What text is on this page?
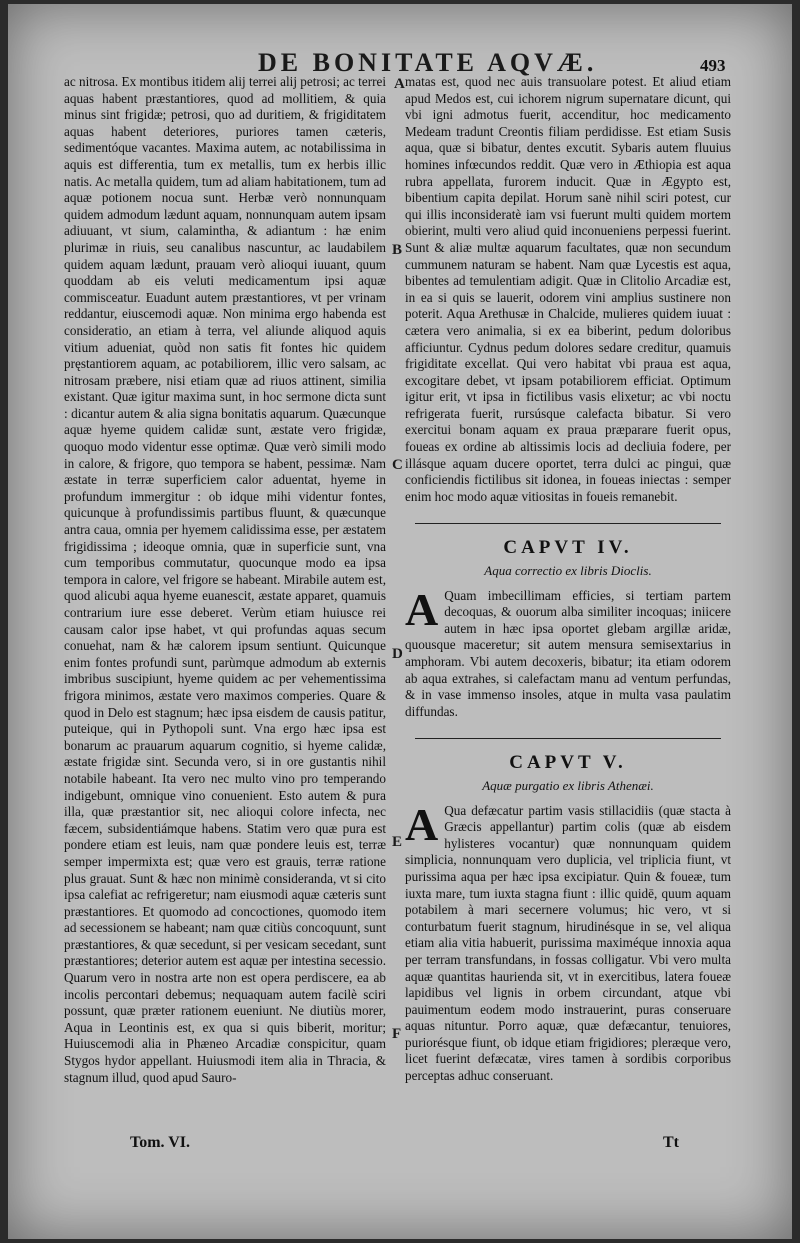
DE BONITATE AQVÆ.	493

ac nitrosa. Ex montibus itidem alij terrei alij petrosi; ac terrei aquas habent præstantiores, quod ad mollitiem, & quia minus sint frigidæ; petrosi, quo ad duritiem, & frigiditatem aquas habent deteriores, puriores tamen cæteris, sedimentóque vacantes. Maxima autem, ac notabilissima in aquis est differentia, tum ex metallis, tum ex herbis illic natis. Ac metalla quidem, tum ad aliam habitationem, tum ad aquæ potionem nocua sunt. Herbæ verò nonnunquam quidem admodum lædunt aquam, nonnunquam autem ipsam adiuuant, vt sium, calamintha, & adiantum : hæ enim plurimæ in riuis, seu canalibus nascuntur, ac laudabilem quidem aquam lædunt, prauam verò alioqui iuuant, quum quoddam ab eis veluti medicamentum ipsi aquæ commisceatur. Euadunt autem præstantiores, vt per vrinam reddantur, eiuscemodi aquæ. Non minima ergo habenda est consideratio, an etiam à terra, vel aliunde aliquod aquis vitium adueniat, quòd non satis fit fontes hic quidem pręstantiorem aquam, ac potabiliorem, illic vero salsam, ac nitrosam præbere, nisi etiam quæ ad riuos attinent, similia existant. Quæ igitur maxima sunt, in hoc sermone dicta sunt : dicantur autem & alia signa bonitatis aquarum. Quæcunque aquæ hyeme quidem calidæ sunt, æstate vero frigidæ, quoquo modo videntur esse optimæ. Quæ verò simili modo in calore, & frigore, quo tempora se habent, pessimæ. Nam æstate in terræ superficiem calor aduentat, hyeme in profundum immergitur : ob idque mihi videntur fontes, quicunque à profundissimis partibus fluunt, & quæcunque antra caua, omnia per hyemem calidissima esse, per æstatem frigidissima ; ideoque omnia, quæ in superficie sunt, vna cum temporibus commutatur, quocunque modo ea ipsa tempora in calore, vel frigore se habeant. Mirabile autem est, quod alicubi aqua hyeme euanescit, æstate apparet, quamuis contrarium iure esse deberet. Verùm etiam huiusce rei causam calor ipse habet, vt qui profundas aquas secum conuehat, nam & hæ calorem ipsum sentiunt. Quicunque enim fontes profundi sunt, parùmque admodum ab externis imbribus suscipiunt, hyeme quidem ac per vehementissima frigora minimos, æstate vero maximos comperies. Quare & quod in Delo est stagnum; hæc ipsa eisdem de causis patitur, puteique, qui in Pythopoli sunt. Vna ergo hæc ipsa est bonarum ac prauarum aquarum cognitio, si hyeme calidæ, æstate frigidæ sint. Secunda vero, si in ore gustantis nihil notabile habeant. Ita vero nec multo vino pro temperando indigebunt, omnique vino conuenient. Esto autem & pura illa, quæ præstantior sit, nec alioqui colore infecta, nec fæcem, subsidentiámque habens. Statim vero quæ pura est pondere etiam est leuis, nam quæ pondere leuis est, terræ semper impermixta est; quæ vero est grauis, terræ ratione plus grauat. Sunt & hæc non minimè consideranda, vt si cito ipsa calefiat ac refrigeretur; nam eiusmodi aquæ cæteris sunt præstantiores. Et quomodo ad concoctiones, quomodo item ad secessionem se habeant; nam quæ citiùs concoquunt, sunt præstantiores, & quæ secedunt, si per vesicam secedant, sunt præstantiores; deterior autem est aquæ per intestina secessio. Quarum vero in nostra arte non est opera perdiscere, ea ab incolis percontari debemus; nequaquam autem facilè sciri possunt, quæ præter rationem eueniunt. Ne diutiùs morer, Aqua in Leontinis est, ex qua si quis biberit, moritur; Huiuscemodi alia in Phæneo Arcadiæ conspicitur, quam Stygos hydor appellant. Huiusmodi item alia in Thracia, & stagnum illud, quod apud Sauro-

A
B
C
D
E
F

matas est, quod nec auis transuolare potest. Et aliud etiam apud Medos est, cui ichorem nigrum supernatare dicunt, qui vbi igni admotus fuerit, accenditur, hoc medicamento Medeam tradunt Creontis filiam perdidisse. Est etiam Susis aqua, quæ si bibatur, dentes excutit. Sybaris autem fluuius homines infœcundos reddit. Quæ vero in Æthiopia est aqua rubra appellata, furorem inducit. Quæ in Ægypto est, bibentium capita depilat. Horum sanè nihil sciri potest, cur qui illis inconsideratè iam vsi fuerunt multi quidem mortem obierint, multi vero aliud quid inconueniens perpessi fuerint. Sunt & aliæ multæ aquarum facultates, quæ non secundum cummunem naturam se habent. Nam quæ Lycestis est aqua, bibentes ad temulentiam adigit. Quæ in Clitolio Arcadiæ est, in ea si quis se lauerit, odorem vini amplius sustinere non poterit. Aqua Arethusæ in Chalcide, mulieres quidem iuuat : cætera vero animalia, si ex ea biberint, pedum doloribus afficiuntur. Cydnus pedum dolores sedare creditur, quamuis frigiditate excellat. Qui vero habitat vbi praua est aqua, excogitare debet, vt ipsam potabiliorem efficiat. Optimum igitur erit, vt ipsa in fictilibus vasis elixetur; ac vbi noctu refrigerata fuerit, rursúsque calefacta bibatur. Si vero exercitui bonam aquam ex praua præparare fuerit opus, foueas ex ordine ab altissimis locis ad decliuia fodere, per illásque aquam ducere oportet, terra dulci ac pingui, quæ conficiendis fictilibus sit idonea, in foueas iniectas : semper enim hoc modo aquæ vitiositas in foueis remanebit.

CAPVT IV.
Aqua correctio ex libris Dioclis.

A Quam imbecillimam efficies, si tertiam partem decoquas, & ouorum alba similiter incoquas; iniicere autem in hæc ipsa oportet glebam argillæ aridæ, quousque maceretur; sit autem mensura semisextarius in amphoram. Vbi autem decoxeris, bibatur; ita etiam odorem ab aqua extrahes, si calefactam manu ad ventum perfundas, & in vase immenso insoles, atque in multa vasa paulatim diffundas.

CAPVT V.
Aquæ purgatio ex libris Athenæi.

A Qua defæcatur partim vasis stillacidiis (quæ stacta à Græcis appellantur) partim colis (quæ ab eisdem hylisteres vocantur) quæ nonnunquam quidem simplicia, nonnunquam vero duplicia, vel triplicia fiunt, vt purissima aqua per hæc ipsa excipiatur. Quin & foueæ, tum iuxta mare, tum iuxta stagna fiunt : illic quidē, quum aquam potabilem à mari secernere volumus; hic vero, vt si conturbatum fuerit stagnum, hirudinésque in se, vel aliqua etiam alia vitia habuerit, purissima maximéque innoxia aqua per terram transfundans, in fossas colligatur. Vbi vero multa aquæ quantitas haurienda sit, vt in exercitibus, latera foueæ lapidibus vel lignis in orbem circundant, atque vbi pauimentum eodem modo instrauerint, puras conseruare aquas nituntur. Porro aquæ, quæ defæcantur, tenuiores, puriorésque fiunt, ob idque etiam frigidiores; pleræque vero, licet fuerint defæcatæ, vires tamen à sordibis corporibus perceptas adhuc conseruant.

Tom. VI.	Tt
